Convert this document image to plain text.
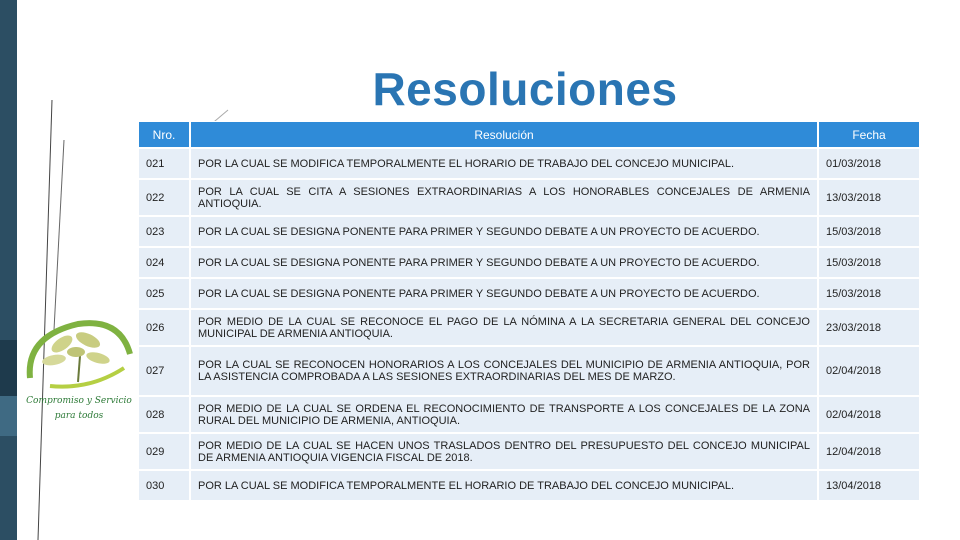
Resoluciones
Compromiso y Servicio
para todos
Nro.	Resolución	Fecha
021	POR LA CUAL SE MODIFICA TEMPORALMENTE EL HORARIO DE TRABAJO DEL CONCEJO MUNICIPAL.	01/03/2018
022	POR LA CUAL SE CITA A SESIONES EXTRAORDINARIAS A LOS HONORABLES CONCEJALES DE ARMENIA ANTIOQUIA.	13/03/2018
023	POR LA CUAL SE DESIGNA PONENTE PARA PRIMER Y SEGUNDO DEBATE A UN PROYECTO DE ACUERDO.	15/03/2018
024	POR LA CUAL SE DESIGNA PONENTE PARA PRIMER Y SEGUNDO DEBATE A UN PROYECTO DE ACUERDO.	15/03/2018
025	POR LA CUAL SE DESIGNA PONENTE PARA PRIMER Y SEGUNDO DEBATE A UN PROYECTO DE ACUERDO.	15/03/2018
026	POR MEDIO DE LA CUAL SE RECONOCE EL PAGO DE LA NÓMINA A LA SECRETARIA GENERAL DEL CONCEJO MUNICIPAL DE ARMENIA ANTIOQUIA.	23/03/2018
027	POR LA CUAL SE RECONOCEN HONORARIOS A LOS CONCEJALES DEL MUNICIPIO DE ARMENIA ANTIOQUIA, POR LA ASISTENCIA COMPROBADA A LAS SESIONES EXTRAORDINARIAS DEL MES DE MARZO.	02/04/2018
028	POR MEDIO DE LA CUAL SE ORDENA EL RECONOCIMIENTO DE TRANSPORTE A LOS CONCEJALES DE LA ZONA RURAL DEL MUNICIPIO DE ARMENIA, ANTIOQUIA.	02/04/2018
029	POR MEDIO DE LA CUAL SE HACEN UNOS TRASLADOS DENTRO DEL PRESUPUESTO DEL CONCEJO MUNICIPAL DE ARMENIA ANTIOQUIA VIGENCIA FISCAL DE 2018.	12/04/2018
030	POR LA CUAL SE MODIFICA TEMPORALMENTE EL HORARIO DE TRABAJO DEL CONCEJO MUNICIPAL.	13/04/2018
